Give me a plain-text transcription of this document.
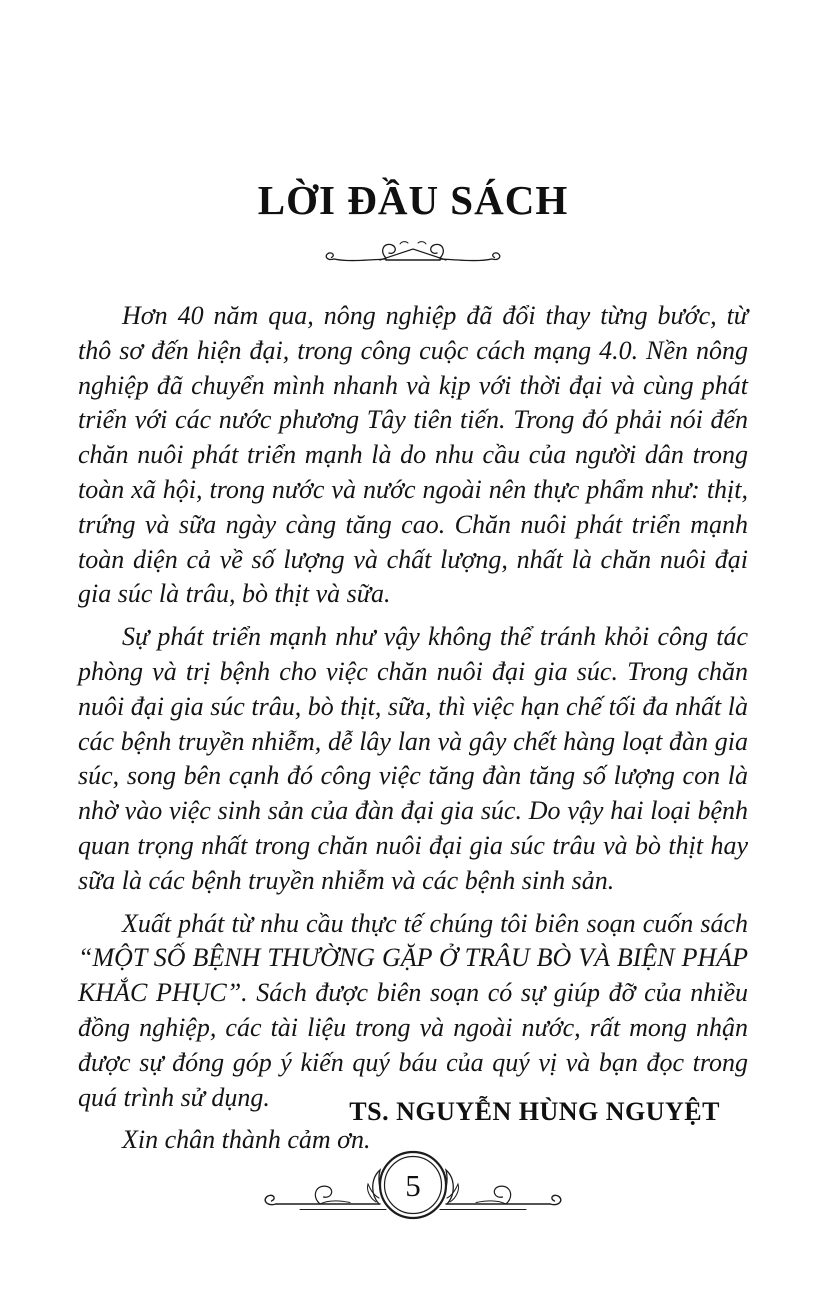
LỜI ĐẦU SÁCH

Hơn 40 năm qua, nông nghiệp đã đổi thay từng bước, từ thô sơ đến hiện đại, trong công cuộc cách mạng 4.0. Nền nông nghiệp đã chuyển mình nhanh và kịp với thời đại và cùng phát triển với các nước phương Tây tiên tiến. Trong đó phải nói đến chăn nuôi phát triển mạnh là do nhu cầu của người dân trong toàn xã hội, trong nước và nước ngoài nên thực phẩm như: thịt, trứng và sữa ngày càng tăng cao. Chăn nuôi phát triển mạnh toàn diện cả về số lượng và chất lượng, nhất là chăn nuôi đại gia súc là trâu, bò thịt và sữa.

Sự phát triển mạnh như vậy không thể tránh khỏi công tác phòng và trị bệnh cho việc chăn nuôi đại gia súc. Trong chăn nuôi đại gia súc trâu, bò thịt, sữa, thì việc hạn chế tối đa nhất là các bệnh truyền nhiễm, dễ lây lan và gây chết hàng loạt đàn gia súc, song bên cạnh đó công việc tăng đàn tăng số lượng con là nhờ vào việc sinh sản của đàn đại gia súc. Do vậy hai loại bệnh quan trọng nhất trong chăn nuôi đại gia súc trâu và bò thịt hay sữa là các bệnh truyền nhiễm và các bệnh sinh sản.

Xuất phát từ nhu cầu thực tế chúng tôi biên soạn cuốn sách “MỘT SỐ BỆNH THƯỜNG GẶP Ở TRÂU BÒ VÀ BIỆN PHÁP KHẮC PHỤC”. Sách được biên soạn có sự giúp đỡ của nhiều đồng nghiệp, các tài liệu trong và ngoài nước, rất mong nhận được sự đóng góp ý kiến quý báu của quý vị và bạn đọc trong quá trình sử dụng.

Xin chân thành cảm ơn.

TS. NGUYỄN HÙNG NGUYỆT
5
